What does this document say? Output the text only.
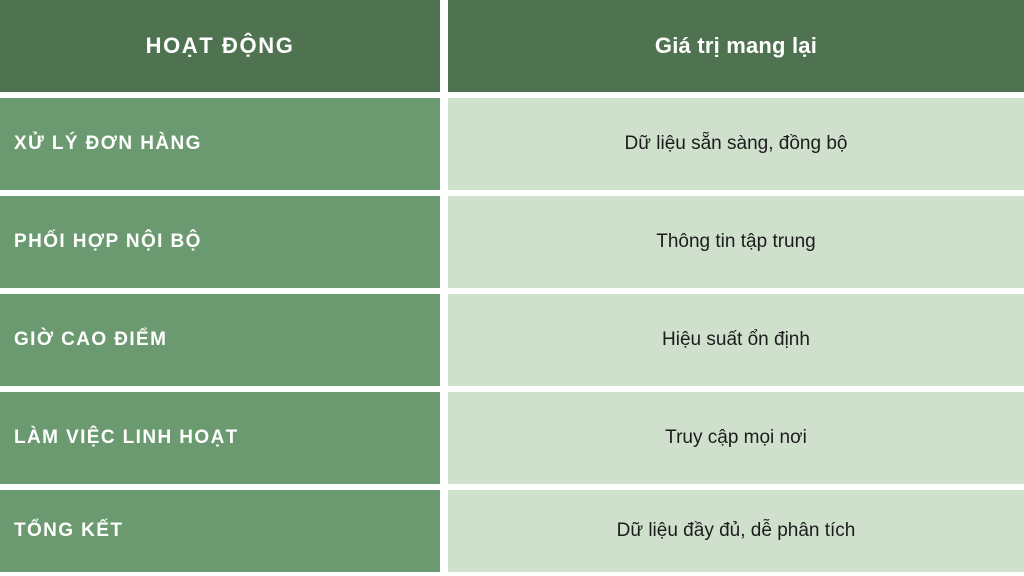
HOẠT ĐỘNG	Giá trị mang lại
XỬ LÝ ĐƠN HÀNG	Dữ liệu sẵn sàng, đồng bộ
PHỐI HỢP NỘI BỘ	Thông tin tập trung
GIỜ CAO ĐIỂM	Hiệu suất ổn định
LÀM VIỆC LINH HOẠT	Truy cập mọi nơi
TỔNG KẾT	Dữ liệu đầy đủ, dễ phân tích
